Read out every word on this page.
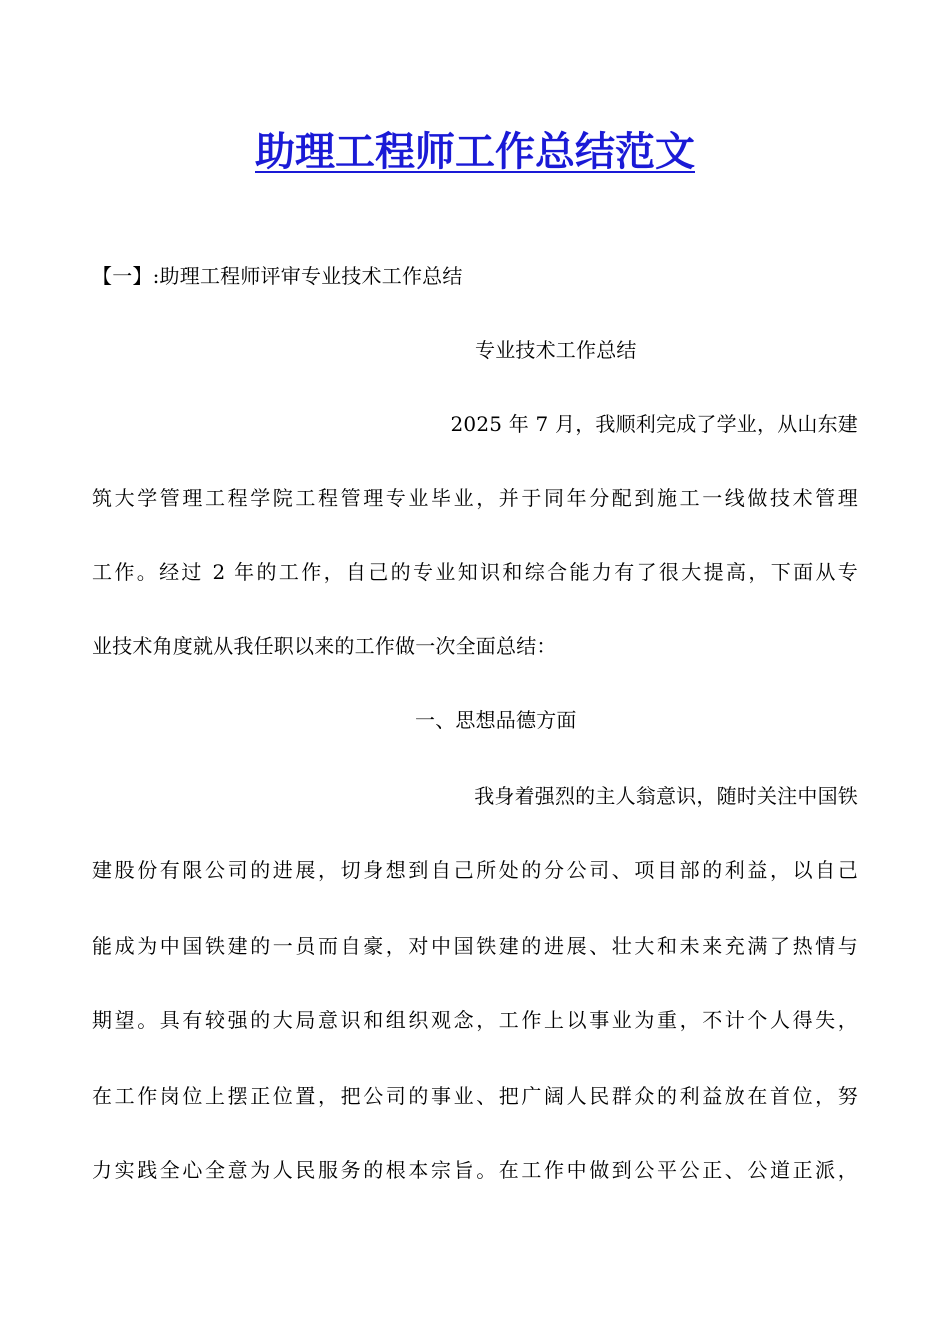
助理工程师工作总结范文
【一】:助理工程师评审专业技术工作总结
专业技术工作总结
2025 年 7 月，我顺利完成了学业，从山东建
筑大学管理工程学院工程管理专业毕业，并于同年分配到施工一线做技术管理
工作。经过 2 年的工作，自己的专业知识和综合能力有了很大提高，下面从专
业技术角度就从我任职以来的工作做一次全面总结：
一、思想品德方面
我身着强烈的主人翁意识，随时关注中国铁
建股份有限公司的进展，切身想到自己所处的分公司、项目部的利益，以自己
能成为中国铁建的一员而自豪，对中国铁建的进展、壮大和未来充满了热情与
期望。具有较强的大局意识和组织观念，工作上以事业为重，不计个人得失，
在工作岗位上摆正位置，把公司的事业、把广阔人民群众的利益放在首位，努
力实践全心全意为人民服务的根本宗旨。在工作中做到公平公正、公道正派，
